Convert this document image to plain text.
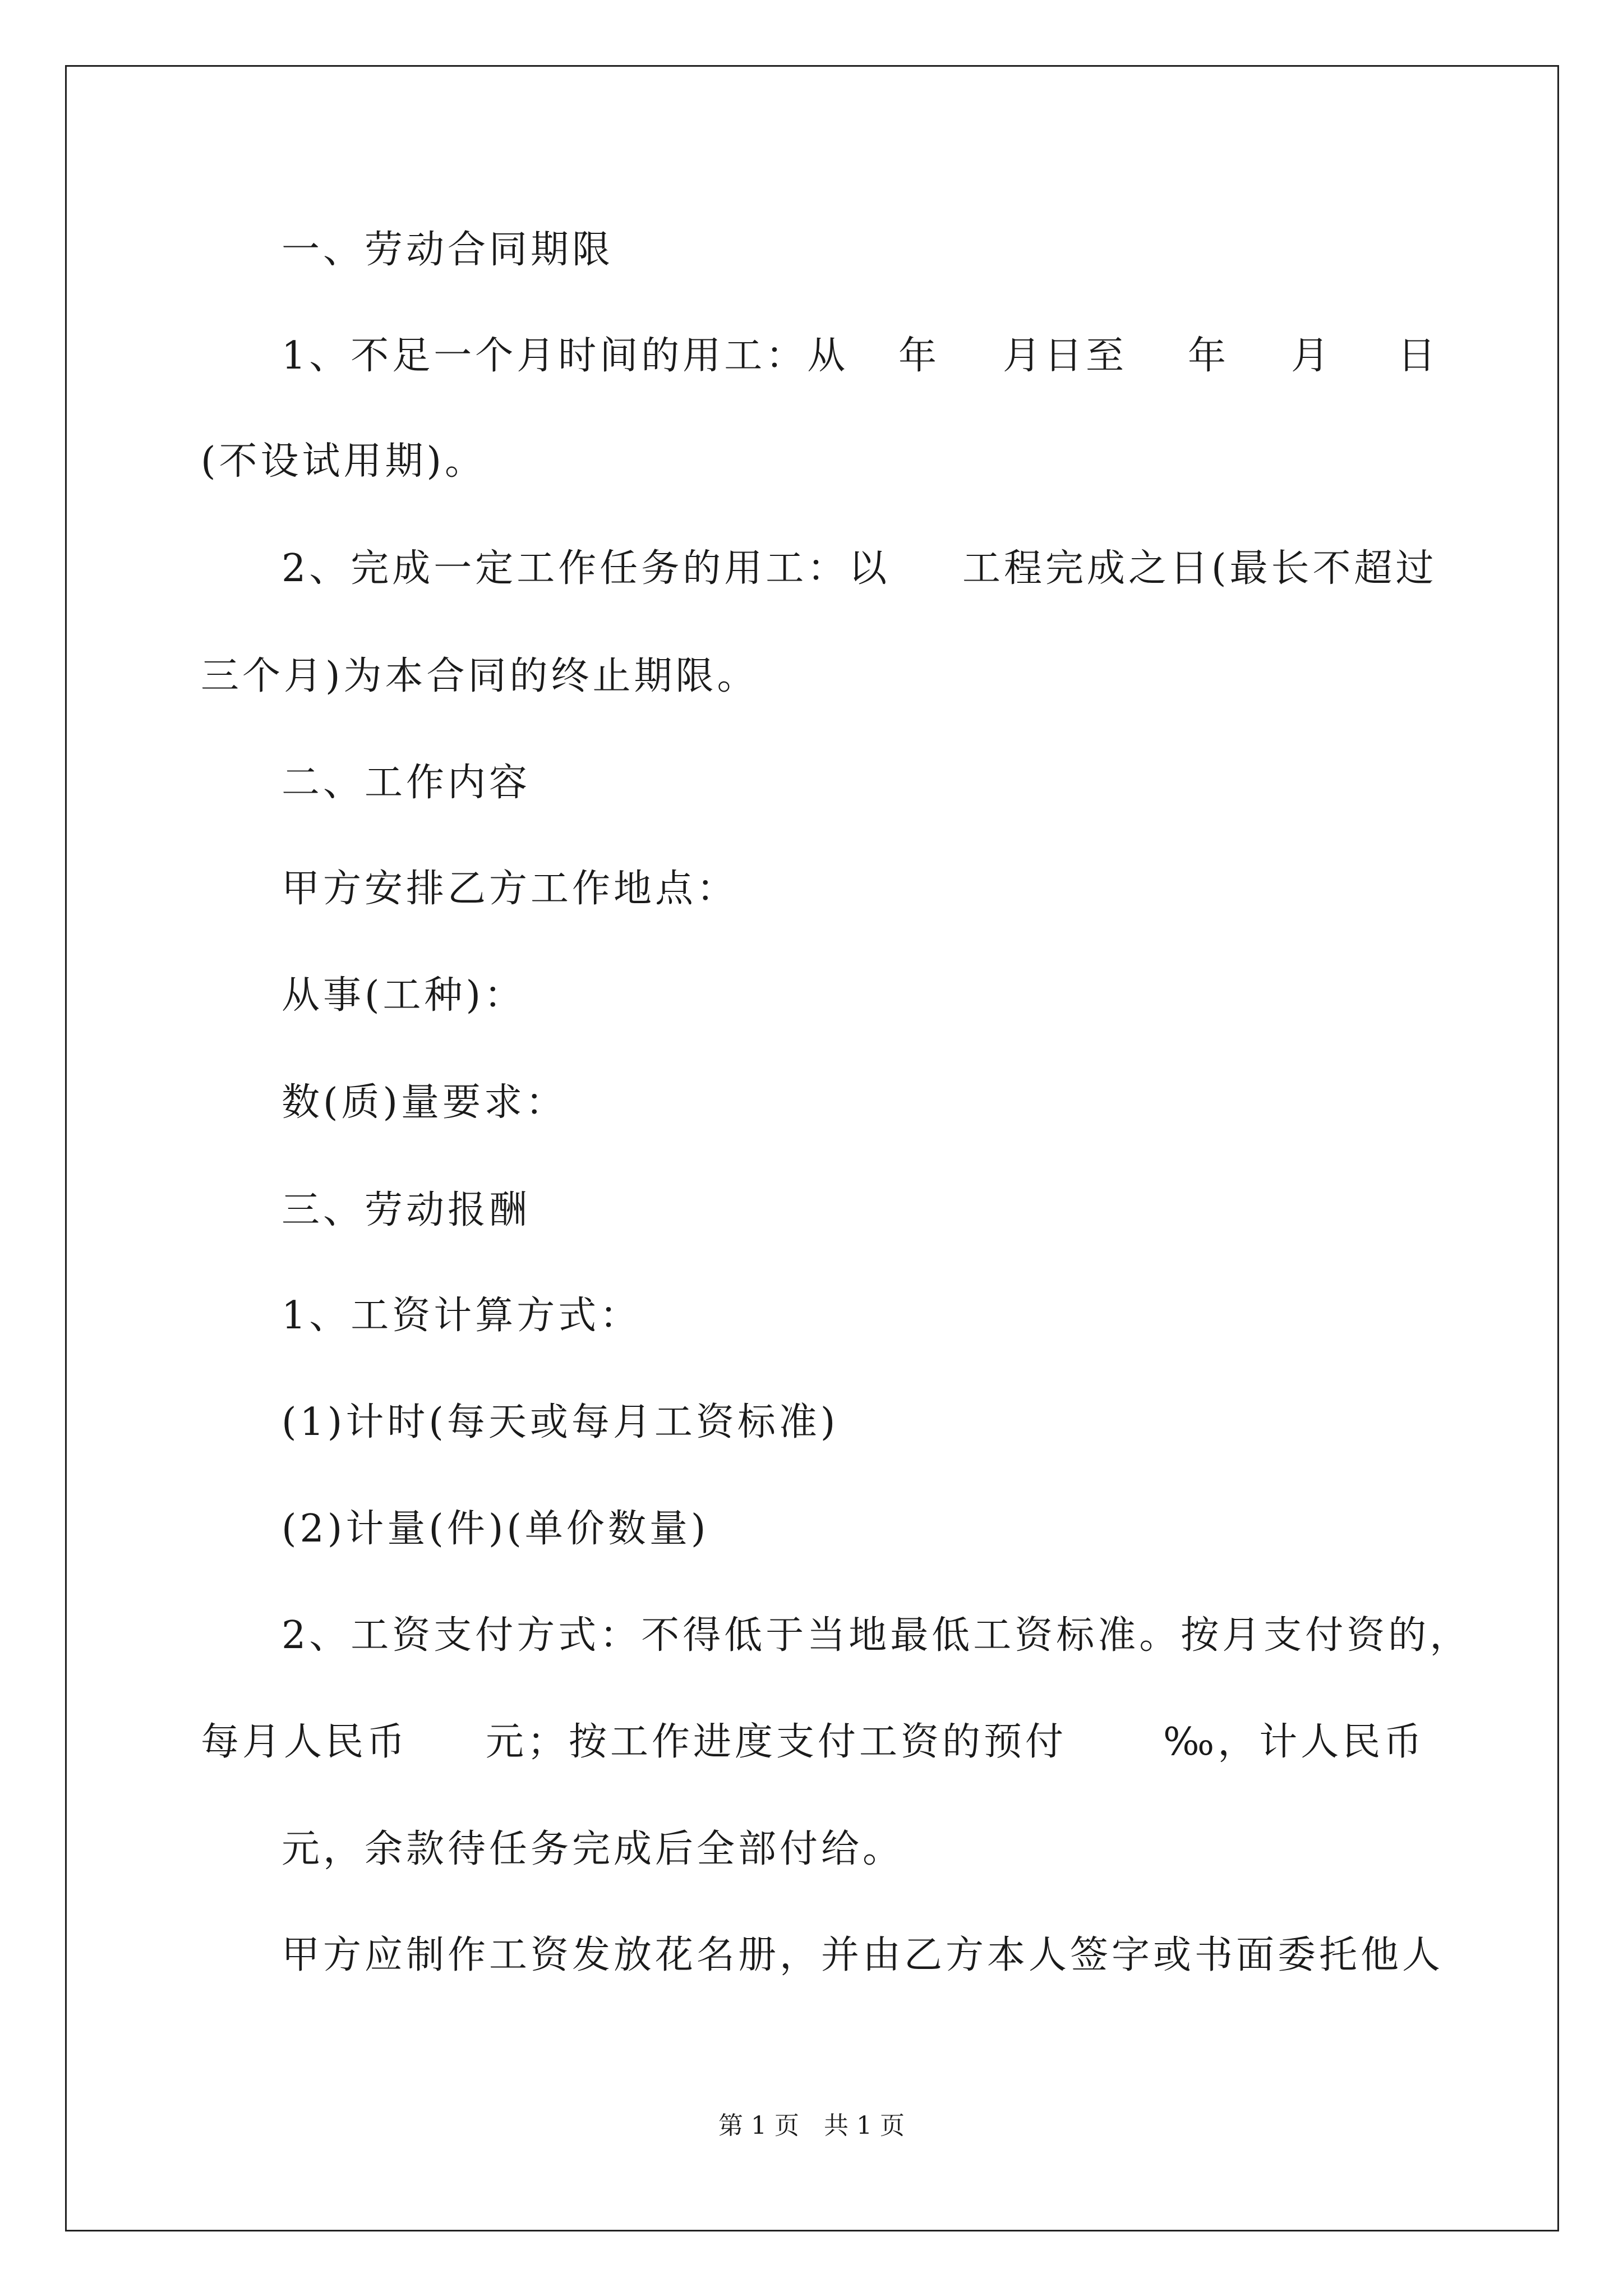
一、劳动合同期限
1、不足一个月时间的用工：从 年 月日至 年 月 日
(不设试用期)。
2、完成一定工作任务的用工：以 工程完成之日(最长不超过
三个月)为本合同的终止期限。
二、工作内容
甲方安排乙方工作地点：
从事(工种)：
数(质)量要求：
三、劳动报酬
1、工资计算方式：
(1)计时(每天或每月工资标准)
(2)计量(件)(单价数量)
2、工资支付方式：不得低于当地最低工资标准。按月支付资的，
每月人民币 元；按工作进度支付工资的预付	‰，计人民币
元，余款待任务完成后全部付给。
甲方应制作工资发放花名册，并由乙方本人签字或书面委托他人
第 1 页　共 1 页
